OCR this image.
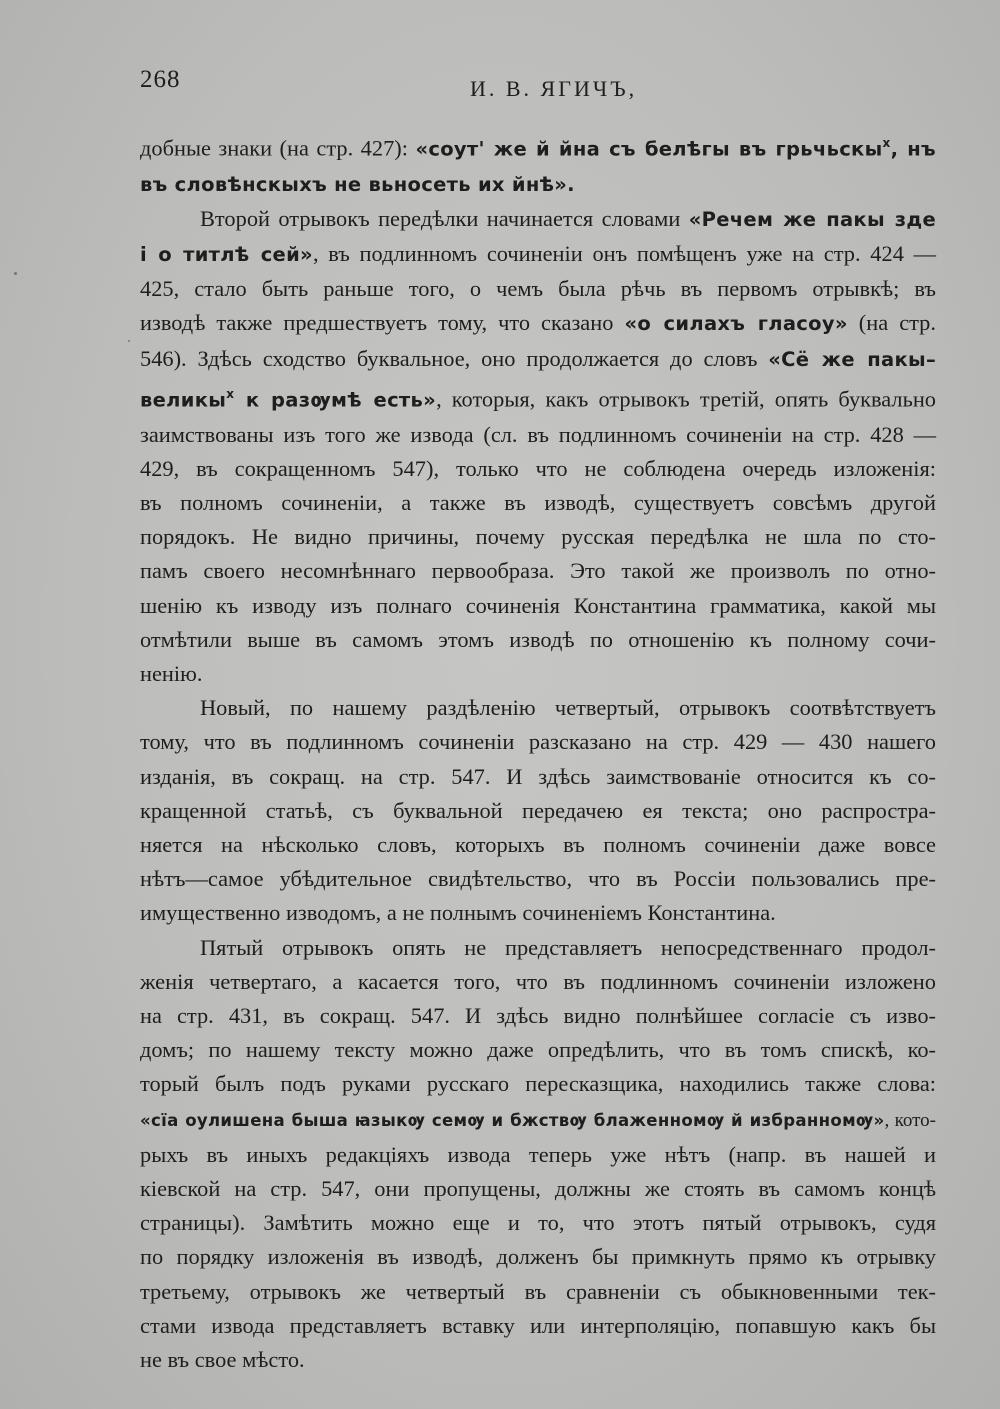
268	И. В. ЯГИЧЪ,
добные знаки (на стр. 427): «соут' же й йна съ белѣгы въ грьчьскы$^х$, нъ
въ словѣнскыхъ не вьносеть их йнѣ».
Второй отрывокъ передѣлки начинается словами «Речем же пакы зде
і о титлѣ сей», въ подлинномъ сочиненіи онъ помѣщенъ уже на стр. 424 —
425, стало быть раньше того, о чемъ была рѣчь въ первомъ отрывкѣ; въ
изводѣ также предшествуетъ тому, что сказано «о силахъ гласоу» (на стр.
546). Здѣсь сходство буквальное, оно продолжается до словъ «Сё же пакы–
великы$^х$ к разѹмѣ есть», которыя, какъ отрывокъ третій, опять буквально
заимствованы изъ того же извода (сл. въ подлинномъ сочиненіи на стр. 428 —
429, въ сокращенномъ 547), только что не соблюдена очередь изложенія:
въ полномъ сочиненіи, а также въ изводѣ, существуетъ совсѣмъ другой
порядокъ. Не видно причины, почему русская передѣлка не шла по сто-
памъ своего несомнѣннаго первообраза. Это такой же произволъ по отно-
шенію къ изводу изъ полнаго сочиненія Константина грамматика, какой мы
отмѣтили выше въ самомъ этомъ изводѣ по отношенію къ полному сочи-
ненію.
Новый, по нашему раздѣленію четвертый, отрывокъ соотвѣтствуетъ
тому, что въ подлинномъ сочиненіи разсказано на стр. 429 — 430 нашего
изданія, въ сокращ. на стр. 547. И здѣсь заимствованіе относится къ со-
кращенной статьѣ, съ буквальной передачею ея текста; оно распростра-
няется на нѣсколько словъ, которыхъ въ полномъ сочиненіи даже вовсе
нѣтъ—самое убѣдительное свидѣтельство, что въ Россіи пользовались пре-
имущественно изводомъ, а не полнымъ сочиненіемъ Константина.
Пятый отрывокъ опять не представляетъ непосредственнаго продол-
женія четвертаго, а касается того, что въ подлинномъ сочиненіи изложено
на стр. 431, въ сокращ. 547. И здѣсь видно полнѣйшее согласіе съ изво-
домъ; по нашему тексту можно даже опредѣлить, что въ томъ спискѣ, ко-
торый былъ подъ руками русскаго пересказщика, находились также слова:
«сїа оулишена быша ꙗзыкѹ семѹ и бжствѹ блаженномѹ й избранномѹ», кото-
рыхъ въ иныхъ редакціяхъ извода теперь уже нѣтъ (напр. въ нашей и
кіевской на стр. 547, они пропущены, должны же стоять въ самомъ концѣ
страницы). Замѣтить можно еще и то, что этотъ пятый отрывокъ, судя
по порядку изложенія въ изводѣ, долженъ бы примкнуть прямо къ отрывку
третьему, отрывокъ же четвертый въ сравненіи съ обыкновенными тек-
стами извода представляетъ вставку или интерполяцію, попавшую какъ бы
не въ свое мѣсто.
